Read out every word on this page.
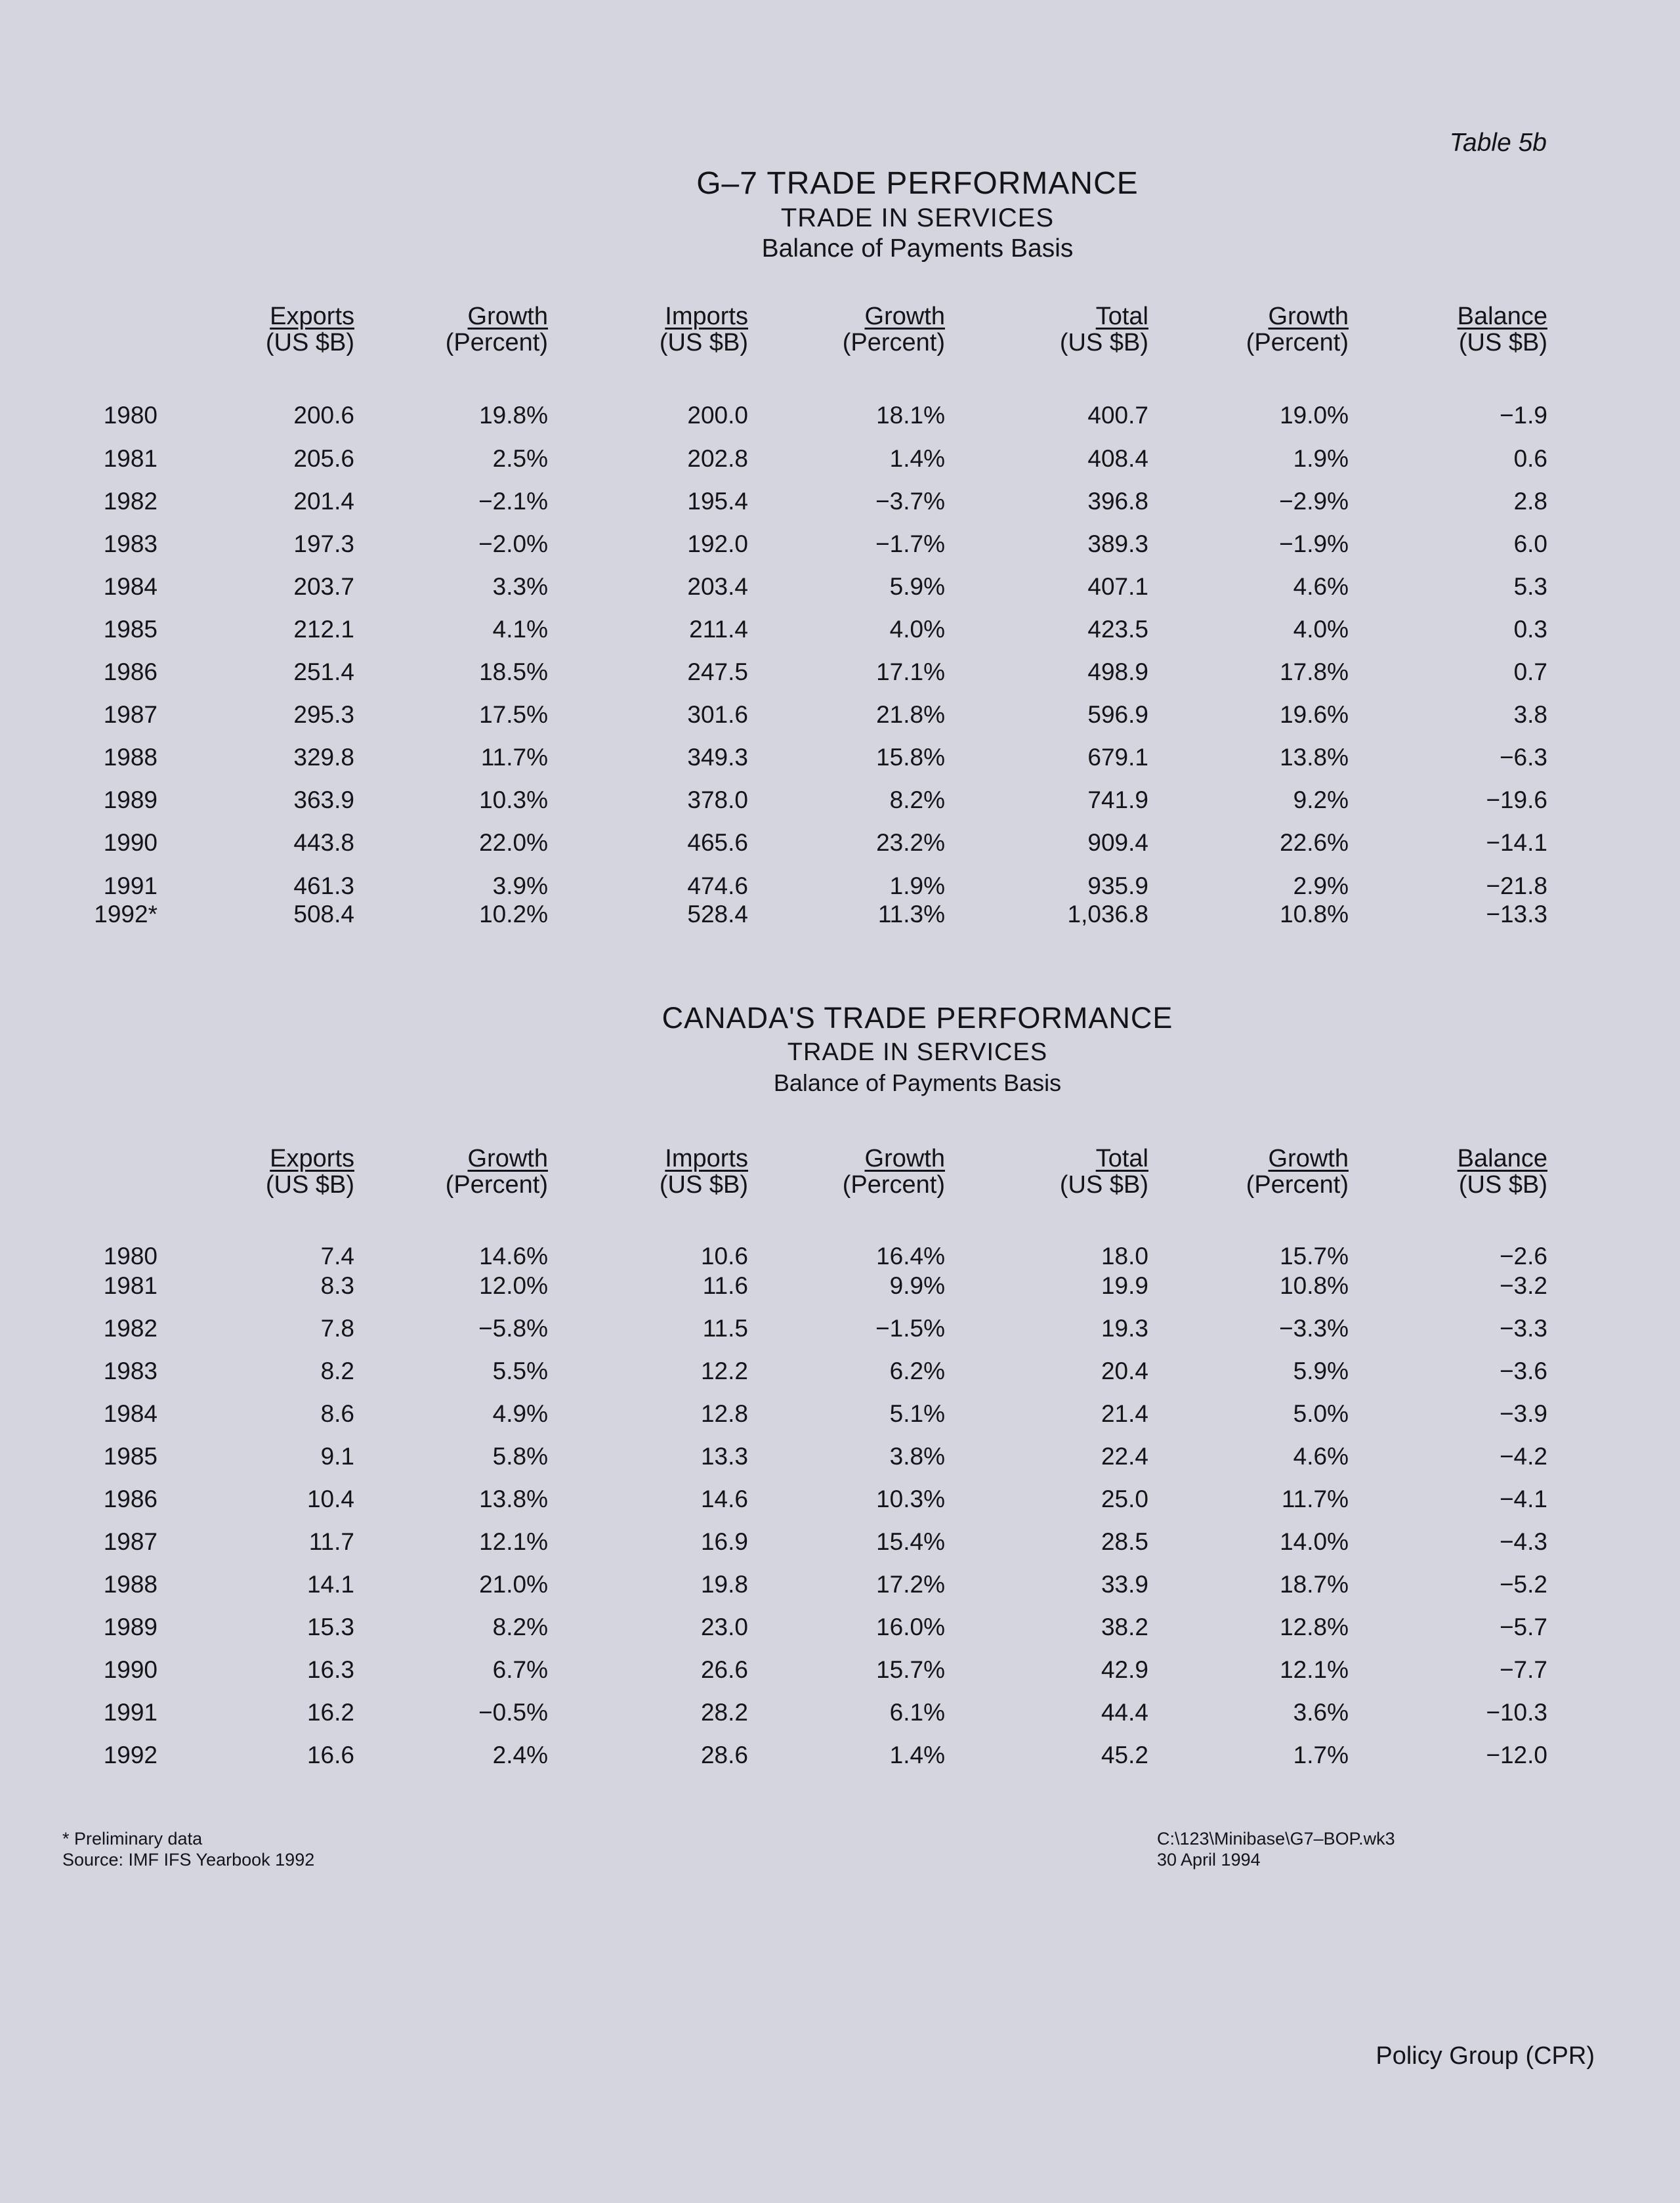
Table 5b
G–7 TRADE PERFORMANCE
TRADE IN SERVICES
Balance of Payments Basis
Exports
(US $B)
Growth
(Percent)
Imports
(US $B)
Growth
(Percent)
Total
(US $B)
Growth
(Percent)
Balance
(US $B)
1980	200.6	19.8%	200.0	18.1%	400.7	19.0%	−1.9
1981	205.6	2.5%	202.8	1.4%	408.4	1.9%	0.6
1982	201.4	−2.1%	195.4	−3.7%	396.8	−2.9%	2.8
1983	197.3	−2.0%	192.0	−1.7%	389.3	−1.9%	6.0
1984	203.7	3.3%	203.4	5.9%	407.1	4.6%	5.3
1985	212.1	4.1%	211.4	4.0%	423.5	4.0%	0.3
1986	251.4	18.5%	247.5	17.1%	498.9	17.8%	0.7
1987	295.3	17.5%	301.6	21.8%	596.9	19.6%	3.8
1988	329.8	11.7%	349.3	15.8%	679.1	13.8%	−6.3
1989	363.9	10.3%	378.0	8.2%	741.9	9.2%	−19.6
1990	443.8	22.0%	465.6	23.2%	909.4	22.6%	−14.1
1991	461.3	3.9%	474.6	1.9%	935.9	2.9%	−21.8
1992*	508.4	10.2%	528.4	11.3%	1,036.8	10.8%	−13.3
CANADA'S TRADE PERFORMANCE
TRADE IN SERVICES
Balance of Payments Basis
Exports
(US $B)
Growth
(Percent)
Imports
(US $B)
Growth
(Percent)
Total
(US $B)
Growth
(Percent)
Balance
(US $B)
1980	7.4	14.6%	10.6	16.4%	18.0	15.7%	−2.6
1981	8.3	12.0%	11.6	9.9%	19.9	10.8%	−3.2
1982	7.8	−5.8%	11.5	−1.5%	19.3	−3.3%	−3.3
1983	8.2	5.5%	12.2	6.2%	20.4	5.9%	−3.6
1984	8.6	4.9%	12.8	5.1%	21.4	5.0%	−3.9
1985	9.1	5.8%	13.3	3.8%	22.4	4.6%	−4.2
1986	10.4	13.8%	14.6	10.3%	25.0	11.7%	−4.1
1987	11.7	12.1%	16.9	15.4%	28.5	14.0%	−4.3
1988	14.1	21.0%	19.8	17.2%	33.9	18.7%	−5.2
1989	15.3	8.2%	23.0	16.0%	38.2	12.8%	−5.7
1990	16.3	6.7%	26.6	15.7%	42.9	12.1%	−7.7
1991	16.2	−0.5%	28.2	6.1%	44.4	3.6%	−10.3
1992	16.6	2.4%	28.6	1.4%	45.2	1.7%	−12.0
* Preliminary data
Source: IMF IFS Yearbook 1992
C:\123\Minibase\G7–BOP.wk3
30 April 1994
Policy Group (CPR)
